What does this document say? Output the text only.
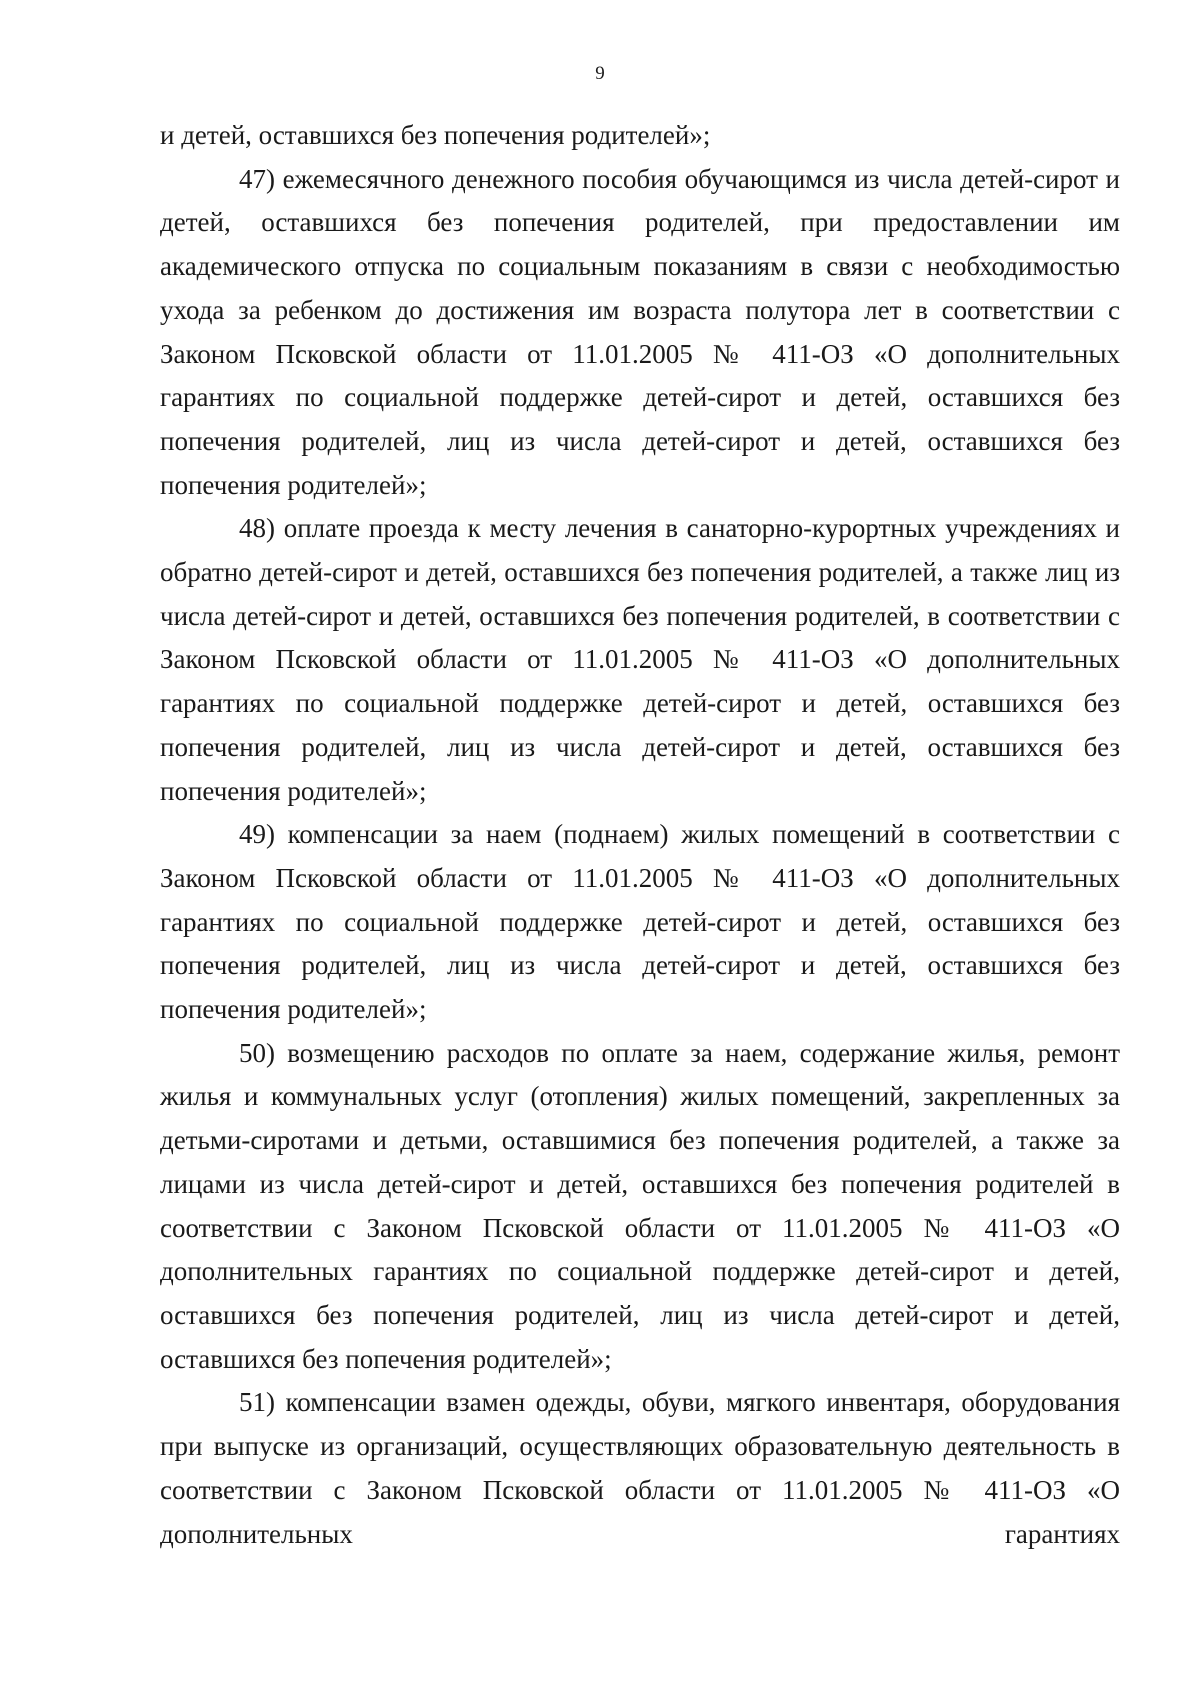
9

и детей, оставшихся без попечения родителей»;

47) ежемесячного денежного пособия обучающимся из числа детей-сирот и детей, оставшихся без попечения родителей, при предоставлении им академического отпуска по социальным показаниям в связи с необходимостью ухода за ребенком до достижения им возраста полутора лет в соответствии с Законом Псковской области от 11.01.2005 № 411-ОЗ «О дополнительных гарантиях по социальной поддержке детей-сирот и детей, оставшихся без попечения родителей, лиц из числа детей-сирот и детей, оставшихся без попечения родителей»;

48) оплате проезда к месту лечения в санаторно-курортных учреждениях и обратно детей-сирот и детей, оставшихся без попечения родителей, а также лиц из числа детей-сирот и детей, оставшихся без попечения родителей, в соответствии с Законом Псковской области от 11.01.2005 № 411-ОЗ «О дополнительных гарантиях по социальной поддержке детей-сирот и детей, оставшихся без попечения родителей, лиц из числа детей-сирот и детей, оставшихся без попечения родителей»;

49) компенсации за наем (поднаем) жилых помещений в соответствии с Законом Псковской области от 11.01.2005 № 411-ОЗ «О дополнительных гарантиях по социальной поддержке детей-сирот и детей, оставшихся без попечения родителей, лиц из числа детей-сирот и детей, оставшихся без попечения родителей»;

50) возмещению расходов по оплате за наем, содержание жилья, ремонт жилья и коммунальных услуг (отопления) жилых помещений, закрепленных за детьми-сиротами и детьми, оставшимися без попечения родителей, а также за лицами из числа детей-сирот и детей, оставшихся без попечения родителей в соответствии с Законом Псковской области от 11.01.2005 № 411-ОЗ «О дополнительных гарантиях по социальной поддержке детей-сирот и детей, оставшихся без попечения родителей, лиц из числа детей-сирот и детей, оставшихся без попечения родителей»;

51) компенсации взамен одежды, обуви, мягкого инвентаря, оборудования при выпуске из организаций, осуществляющих образовательную деятельность в соответствии с Законом Псковской области от 11.01.2005 № 411-ОЗ «О дополнительных гарантиях
